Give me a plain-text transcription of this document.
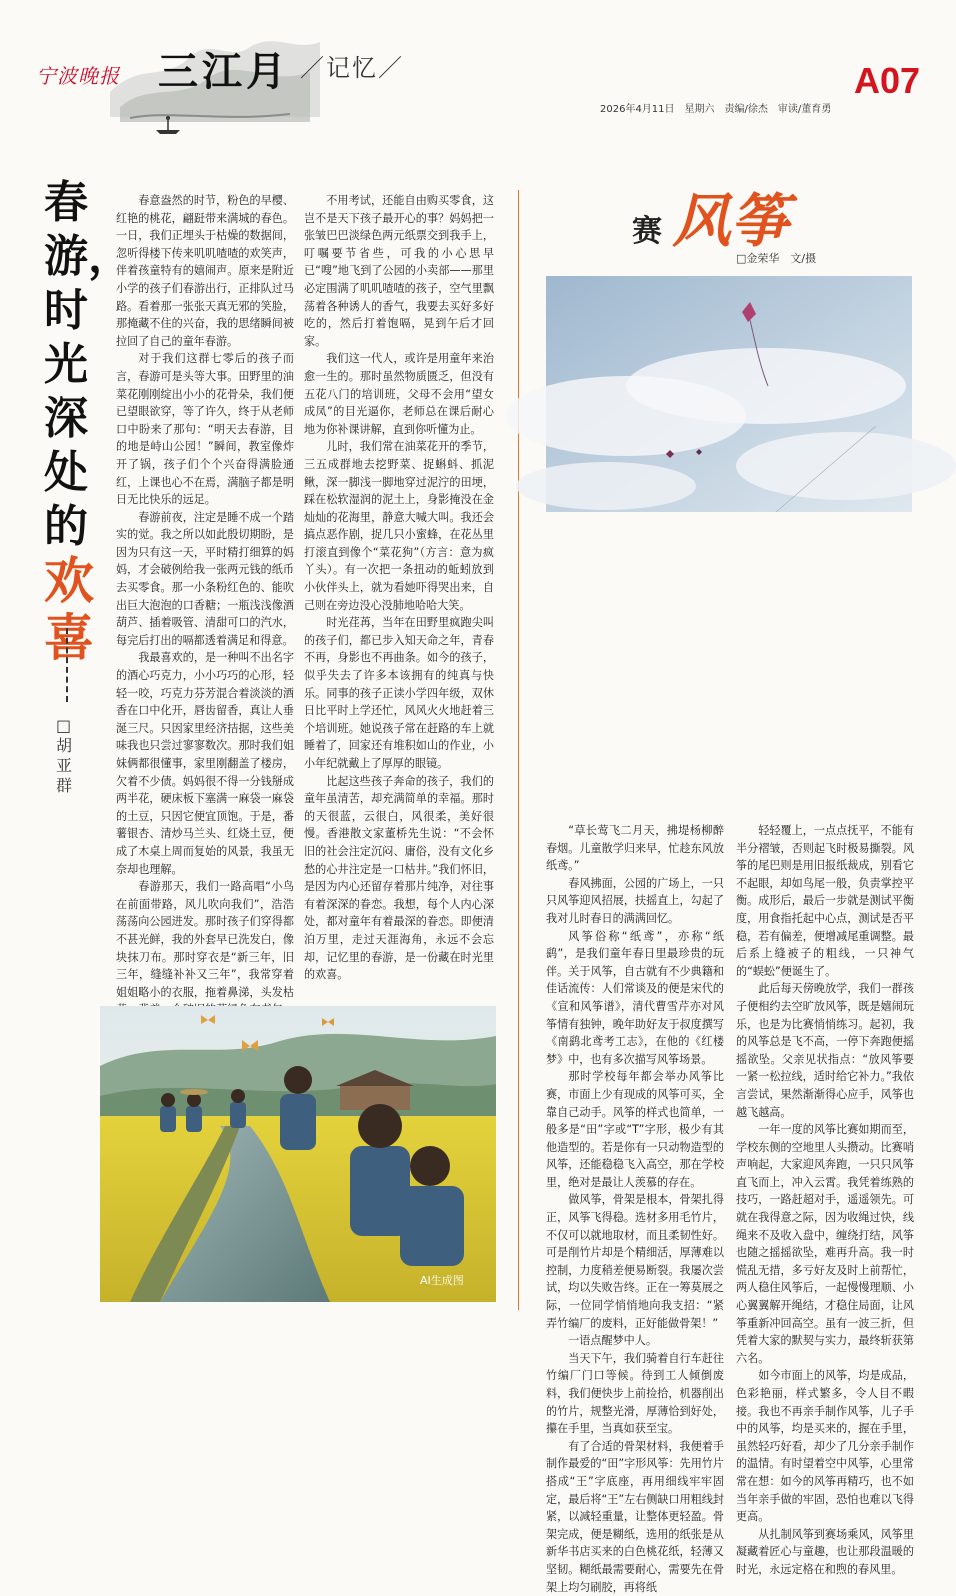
宁波晚报 三江月 ／记忆／	A07
2026年4月11日　星期六　责编/徐杰　审读/董育勇
春游，时光深处的
欢喜
□胡亚群

春意盎然的时节，粉色的早樱、红艳的桃花，翩跹带来满城的春色。一日，我们正埋头于枯燥的数据间，忽听得楼下传来叽叽喳喳的欢笑声，伴着孩童特有的嬉闹声。原来是附近小学的孩子们春游出行，正排队过马路。看着那一张张天真无邪的笑脸，那掩藏不住的兴奋，我的思绪瞬间被拉回了自己的童年春游。

对于我们这群七零后的孩子而言，春游可是头等大事。田野里的油菜花刚刚绽出小小的花骨朵，我们便已望眼欲穿，等了许久，终于从老师口中盼来了那句：“明天去春游，目的地是峙山公园！”瞬间，教室像炸开了锅，孩子们个个兴奋得满脸通红，上课也心不在焉，满脑子都是明日无比快乐的远足。

春游前夜，注定是睡不成一个踏实的觉。我之所以如此殷切期盼，是因为只有这一天，平时精打细算的妈妈，才会破例给我一张两元钱的纸币去买零食。那一小条粉红色的、能吹出巨大泡泡的口香糖；一瓶浅浅像酒葫芦、插着吸管、清甜可口的汽水，每完后打出的嗝都透着满足和得意。

我最喜欢的，是一种叫不出名字的酒心巧克力，小小巧巧的心形，轻轻一咬，巧克力芬芳混合着淡淡的酒香在口中化开，唇齿留香，真让人垂涎三尺。只因家里经济拮据，这些美味我也只尝过寥寥数次。那时我们姐妹俩都很懂事，家里刚翻盖了楼房，欠着不少债。妈妈很不得一分钱掰成两半花，硬床板下塞满一麻袋一麻袋的土豆，只因它便宜顶饱。于是，番薯银杏、清炒马兰头、红烧土豆，便成了木桌上周而复始的风景，我虽无奈却也理解。

春游那天，我们一路高唱“小鸟在前面带路，风儿吹向我们”，浩浩荡荡向公园进发。那时孩子们穿得都不甚光鲜，我的外套早已洗发白，像块抹刀布。那时穿衣是“新三年，旧三年，缝缝补补又三年”，我常穿着姐姐略小的衣服，拖着鼻涕，头发枯

不用考试，还能自由购买零食，这岂不是天下孩子最开心的事？妈妈把一张皱巴巴淡绿色两元纸票交到我手上，叮嘱要节省些，可我的小心思早已“嗖”地飞到了公园的小卖部——那里必定围满了叽叽喳喳的孩子，空气里飘荡着各种诱人的香气，我要去买好多好吃的，然后打着饱嗝，晃到午后才回家。

我们这一代人，或许是用童年来治愈一生的。那时虽然物质匮乏，但没有五花八门的培训班，父母不会用“望女成凤”的目光逼你，老师总在课后耐心地为你补课讲解，直到你听懂为止。

儿时，我们常在油菜花开的季节，三五成群地去挖野菜、捉蝌蚪、抓泥鳅，深一脚浅一脚地穿过泥泞的田埂，踩在松软湿润的泥土上，身影掩没在金灿灿的花海里，静意大喊大叫。我还会搞点恶作剧，捉几只小蜜蜂，在花丛里打滚直到像个“菜花狗”（方言：意为疯丫头）。有一次把一条扭动的蚯蚓放到小伙伴头上，就为看她吓得哭出来，自己则在旁边没心没肺地哈哈大笑。

时光荏苒，当年在田野里疯跑尖叫的孩子们，都已步入知天命之年，青春不再，身影也不再曲条。如今的孩子，似乎失去了许多本该拥有的纯真与快乐。同事的孩子正读小学四年级，双休日比平时上学还忙，风风火火地赶着三个培训班。她说孩子常在赶路的车上就睡着了，回家还有堆积如山的作业，小小年纪就戴上了厚厚的眼镜。

比起这些孩子奔命的孩子，我们的童年虽清苦，却充满简单的幸福。那时的天很蓝，云很白，风很柔，美好很慢。香港散文家董桥先生说：“不会怀旧的社会注定沉闷、庸俗，没有文化乡愁的心井注定是一口枯井。”我们怀旧，是因为内心还留存着那片纯净，对往事有着深深的眷恋。我想，每个人内心深处，都对童年有着最深的眷恋。即便清泊万里，走过天涯海角，永远不会忘却，记忆里的春游，是一份藏在时光里的欢喜。

AI生成图
赛 风筝
□金荣华　文/摄

“草长莺飞二月天，拂堤杨柳醉春烟。儿童散学归来早，忙趁东风放纸鸢。”

春风拂面，公园的广场上，一只只风筝迎风招展，扶摇直上，勾起了我对儿时春日的满满回忆。

风筝俗称“纸鸢”，亦称“纸鹞”，是我们童年春日里最珍贵的玩伴。关于风筝，自古就有不少典籍和佳话流传：人们常谈及的便是宋代的《宣和风筝谱》，清代曹雪芹亦对风筝情有独钟，晚年助好友于叔度撰写《南鹞北鸢考工志》，在他的《红楼梦》中，也有多次描写风筝场景。

那时学校每年都会举办风筝比赛，市面上少有现成的风筝可买，全靠自己动手。风筝的样式也简单，一般多是“田”字或“T”字形，极少有其他造型的。若是你有一只动物造型的风筝，还能稳稳飞入高空，那在学校里，绝对是最让人羡慕的存在。

做风筝，骨架是根本，骨架扎得正，风筝飞得稳。选材多用毛竹片，不仅可以就地取材，而且柔韧性好。可是削竹片却是个精细活，厚薄难以控制，力度稍差便易断裂。我屡次尝试，均以失败告终。正在一筹莫展之际，一位同学悄悄地向我支招：“紧弄竹编厂的废料，正好能做骨架！”

一语点醒梦中人。

当天下午，我们骑着自行车赶往竹编厂门口等候。待到工人倾倒废料，我们便快步上前捡拾，机器削出的竹片，规整光滑，厚薄恰到好处，攥在手里，当真如获至宝。

有了合适的骨架材料，我便着手制作最爱的“田”字形风筝：先用竹片搭成“王”字底座，再用细线牢牢固定，最后将“王”左右侧缺口用粗线封紧，以减轻重量，让整体更轻盈。骨架完成，便是糊纸，选用的纸张是从新华书店买来的白色桃花纸，轻薄又坚韧。糊纸最需要耐心，需要先在骨架上均匀刷胶，再将纸

轻轻覆上，一点点抚平，不能有半分褶皱，否则起飞时极易撕裂。风筝的尾巴则是用旧报纸裁成，别看它不起眼，却如鸟尾一般，负责掌控平衡。成形后，最后一步就是测试平衡度，用食指托起中心点，测试是否平稳，若有偏差，便增减尾重调整。最后系上缝被子的粗线，一只神气的“蜈蚣”便诞生了。

此后每天傍晚放学，我们一群孩子便相约去空旷放风筝，既是嬉闹玩乐，也是为比赛悄悄练习。起初，我的风筝总是飞不高，一停下奔跑便摇摇欲坠。父亲见状指点：“放风筝要一紧一松拉线，适时给它补力。”我依言尝试，果然渐渐得心应手，风筝也越飞越高。

一年一度的风筝比赛如期而至，学校东侧的空地里人头攒动。比赛哨声响起，大家迎风奔跑，一只只风筝直飞而上，冲入云霄。我凭着练熟的技巧，一路赶超对手，遥遥领先。可就在我得意之际，因为收绳过快，线绳来不及收入盘中，缠绕打结，风筝也随之摇摇欲坠，难再升高。我一时慌乱无措，多亏好友及时上前帮忙，两人稳住风筝后，一起慢慢理顺、小心翼翼解开绳结，才稳住局面，让风筝重新冲回高空。虽有一波三折，但凭着大家的默契与实力，最终斩获第六名。

如今市面上的风筝，均是成品，色彩艳丽，样式繁多，令人目不暇接。我也不再亲手制作风筝，儿子手中的风筝，均是买来的，握在手里，虽然轻巧好看，却少了几分亲手制作的温情。有时望着空中风筝，心里常常在想：如今的风筝再精巧，也不如当年亲手做的牢固，恐怕也难以飞得更高。

从扎制风筝到赛场乘风，风筝里凝藏着匠心与童趣，也让那段温暖的时光，永远定格在和煦的春风里。
